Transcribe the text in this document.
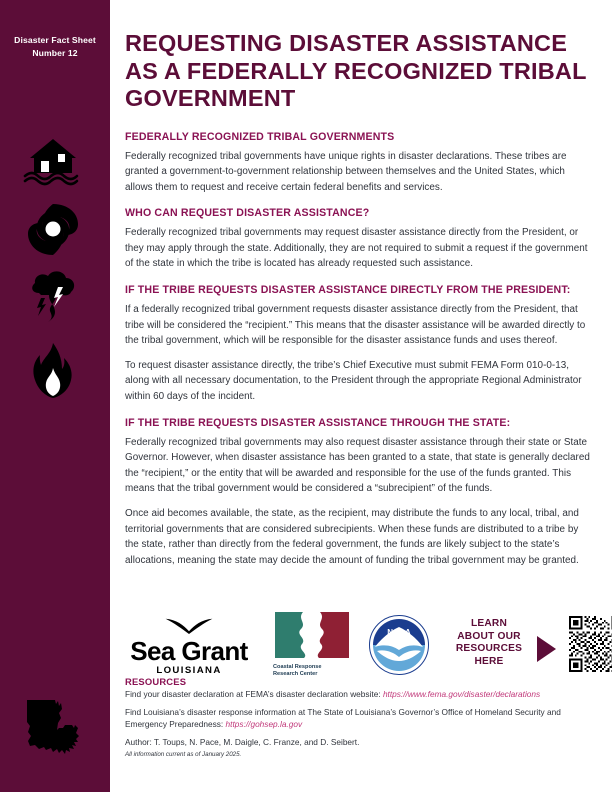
Disaster Fact Sheet
Number 12	REQUESTING DISASTER ASSISTANCE AS A FEDERALLY RECOGNIZED TRIBAL GOVERNMENT
FEDERALLY RECOGNIZED TRIBAL GOVERNMENTS

Federally recognized tribal governments have unique rights in disaster declarations. These tribes are granted a government-to-government relationship between themselves and the United States, which allows them to request and receive certain federal benefits and services.

WHO CAN REQUEST DISASTER ASSISTANCE?

Federally recognized tribal governments may request disaster assistance directly from the President, or they may apply through the state. Additionally, they are not required to submit a request if the government of the state in which the tribe is located has already requested such assistance.

IF THE TRIBE REQUESTS DISASTER ASSISTANCE DIRECTLY FROM THE PRESIDENT:

If a federally recognized tribal government requests disaster assistance directly from the President, that tribe will be considered the “recipient.” This means that the disaster assistance will be awarded directly to the tribal government, which will be responsible for the disaster assistance funds and uses thereof.

To request disaster assistance directly, the tribe’s Chief Executive must submit FEMA Form 010-0-13, along with all necessary documentation, to the President through the appropriate Regional Administrator within 60 days of the incident.

IF THE TRIBE REQUESTS DISASTER ASSISTANCE THROUGH THE STATE:

Federally recognized tribal governments may also request disaster assistance through their state or State Governor. However, when disaster assistance has been granted to a state, that state is generally declared the “recipient,” or the entity that will be awarded and responsible for the use of the funds granted. This means that the tribal government would be considered a “subrecipient” of the funds.

Once aid becomes available, the state, as the recipient, may distribute the funds to any local, tribal, and territorial governments that are considered subrecipients. When these funds are distributed to a tribe by the state, rather than directly from the federal government, the funds are likely subject to the state’s allocations, meaning the state may decide the amount of funding the tribal government may be granted.

Sea Grant
LOUISIANA	Coastal Response
Research Center
NOAA
LEARN
ABOUT OUR
RESOURCES
HERE
RESOURCES

Find your disaster declaration at FEMA’s disaster declaration website: https://www.fema.gov/disaster/declarations

Find Louisiana’s disaster response information at The State of Louisiana’s Governor’s Office of Homeland Security and Emergency Preparedness: https://gohsep.la.gov

Author: T. Toups, N. Pace, M. Daigle, C. Franze, and D. Seibert.
All information current as of January 2025.
